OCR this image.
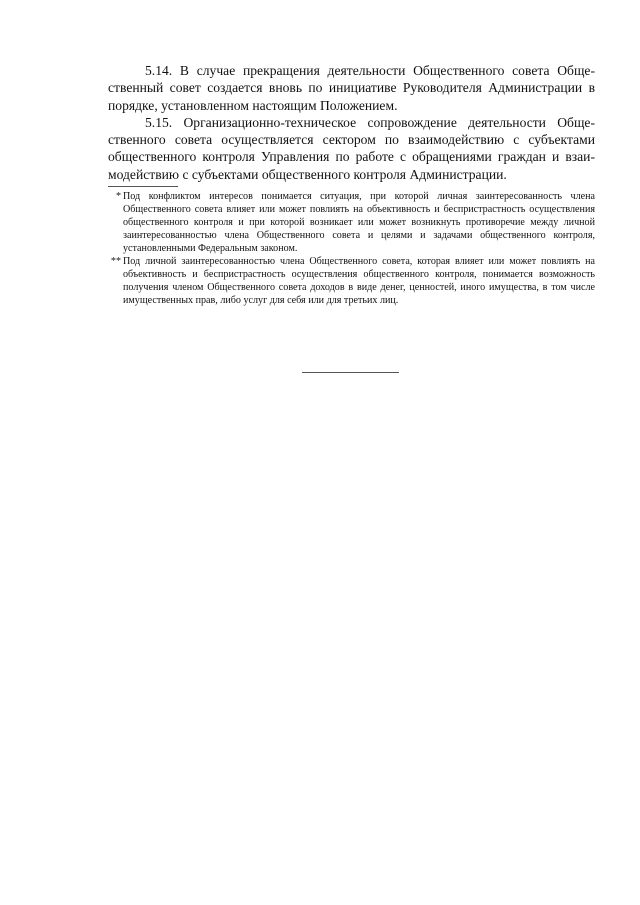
5.14. В случае прекращения деятельности Общественного совета Общественный совет создается вновь по инициативе Руководителя Администрации в порядке, установленном настоящим Положением.

5.15. Организационно-техническое сопровождение деятельности Общественного совета осуществляется сектором по взаимодействию с субъектами общественного контроля Управления по работе с обращениями граждан и взаимодействию с субъектами общественного контроля Администрации.

* Под конфликтом интересов понимается ситуация, при которой личная заинтересованность члена Общественного совета влияет или может повлиять на объективность и беспристрастность осуществления общественного контроля и при которой возникает или может возникнуть противоречие между личной заинтересованностью члена Общественного совета и целями и задачами общественного контроля, установленными Федеральным законом.
** Под личной заинтересованностью члена Общественного совета, которая влияет или может повлиять на объективность и беспристрастность осуществления общественного контроля, понимается возможность получения членом Общественного совета доходов в виде денег, ценностей, иного имущества, в том числе имущественных прав, либо услуг для себя или для третьих лиц.
